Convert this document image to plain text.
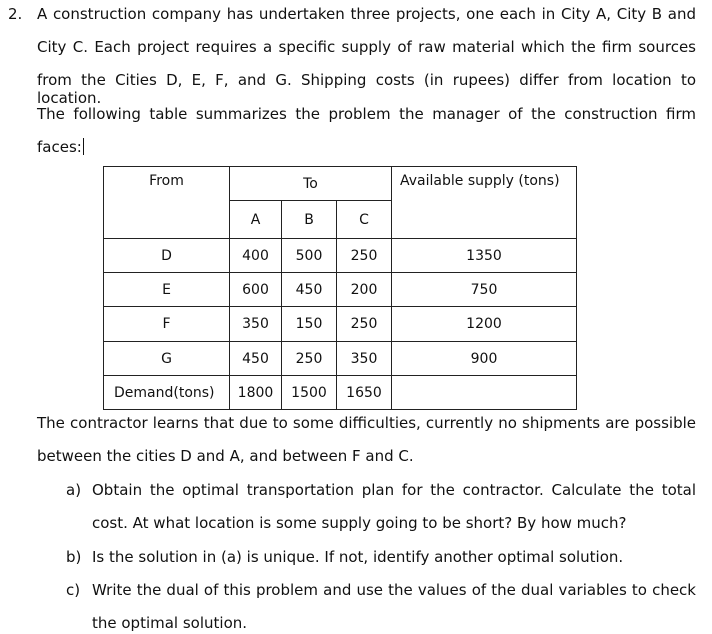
2. A construction company has undertaken three projects, one each in City A, City B and
City C. Each project requires a specific supply of raw material which the firm sources
from the Cities D, E, F, and G. Shipping costs (in rupees) differ from location to location.
The following table summarizes the problem the manager of the construction firm
faces:
From	To			Available supply (tons)
	A	B	C	
D	400	500	250	1350
E	600	450	200	750
F	350	150	250	1200
G	450	250	350	900
Demand(tons)	1800	1500	1650	
The contractor learns that due to some difficulties, currently no shipments are possible
between the cities D and A, and between F and C.
a) Obtain the optimal transportation plan for the contractor. Calculate the total
cost. At what location is some supply going to be short? By how much?
b) Is the solution in (a) is unique. If not, identify another optimal solution.
c) Write the dual of this problem and use the values of the dual variables to check
the optimal solution.
